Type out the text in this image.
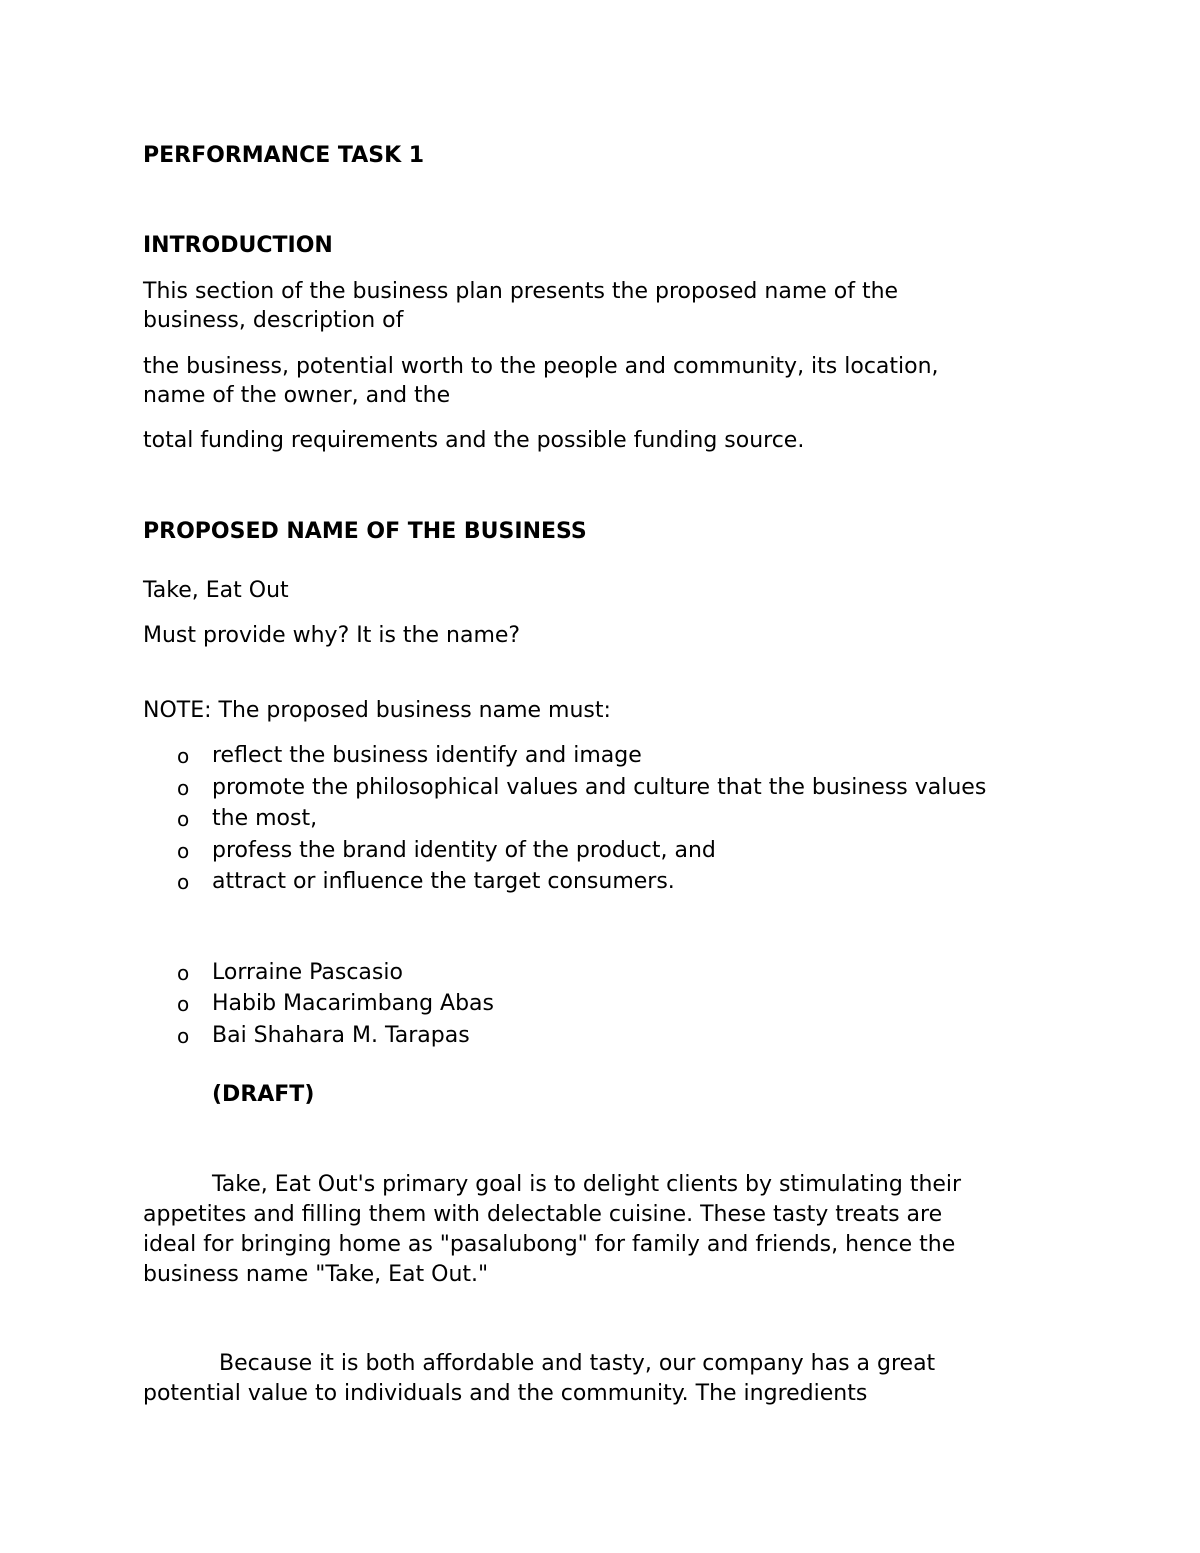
PERFORMANCE TASK 1

INTRODUCTION

This section of the business plan presents the proposed name of the

business, description of

the business, potential worth to the people and community, its location,

name of the owner, and the

total funding requirements and the possible funding source.

PROPOSED NAME OF THE BUSINESS

Take, Eat Out

Must provide why? It is the name?

NOTE: The proposed business name must:

o reflect the business identify and image

o promote the philosophical values and culture that the business values

o the most,

o profess the brand identity of the product, and

o attract or influence the target consumers.

o Lorraine Pascasio

o Habib Macarimbang Abas

o Bai Shahara M. Tarapas

(DRAFT)

Take, Eat Out's primary goal is to delight clients by stimulating their

appetites and filling them with delectable cuisine. These tasty treats are

ideal for bringing home as "pasalubong" for family and friends, hence the

business name "Take, Eat Out."

Because it is both affordable and tasty, our company has a great

potential value to individuals and the community. The ingredients
